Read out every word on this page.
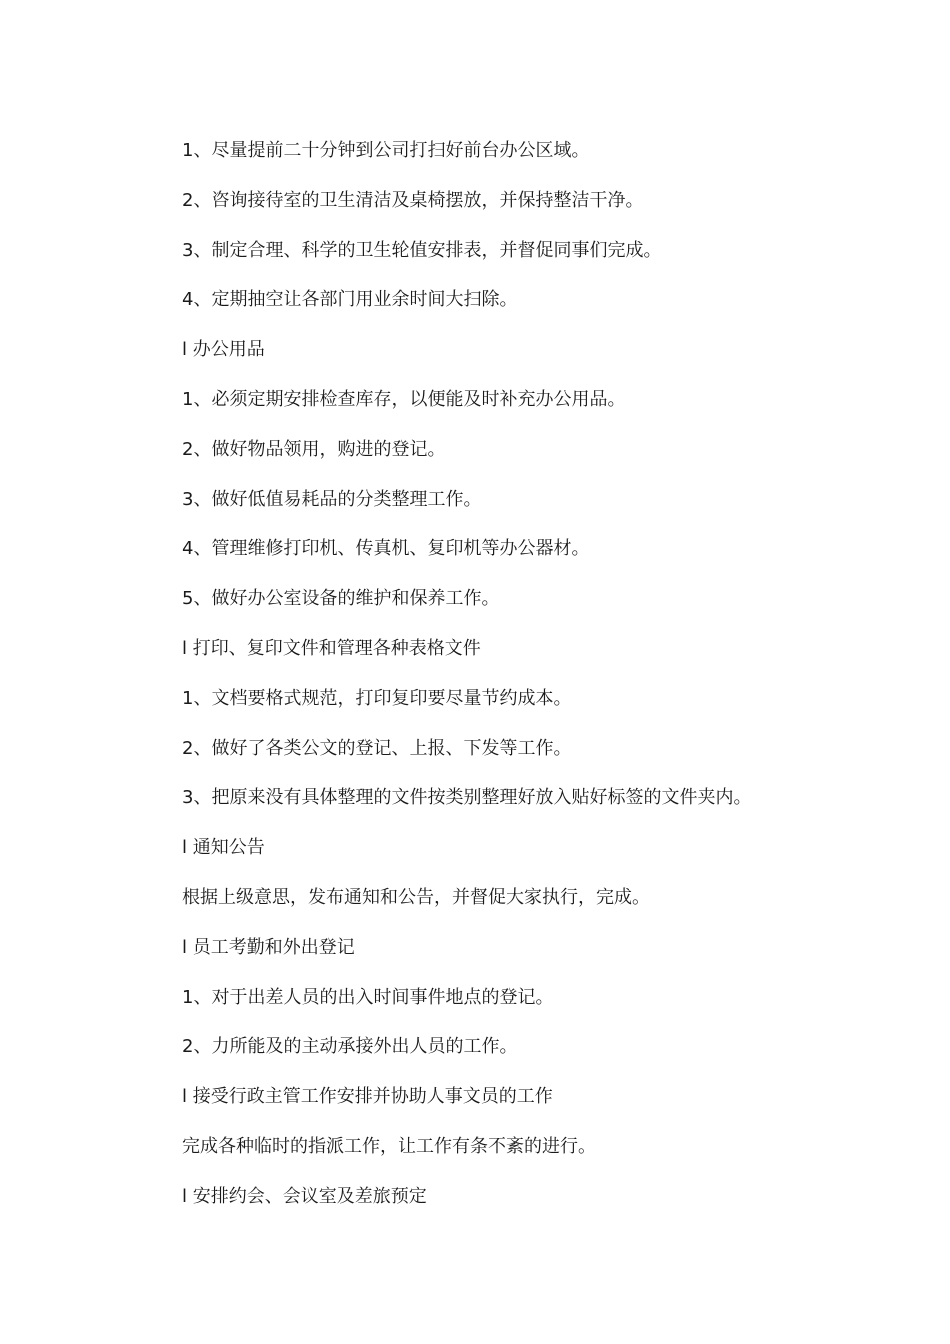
1、尽量提前二十分钟到公司打扫好前台办公区域。
2、咨询接待室的卫生清洁及桌椅摆放，并保持整洁干净。
3、制定合理、科学的卫生轮值安排表，并督促同事们完成。
4、定期抽空让各部门用业余时间大扫除。
l 办公用品
1、必须定期安排检查库存，以便能及时补充办公用品。
2、做好物品领用，购进的登记。
3、做好低值易耗品的分类整理工作。
4、管理维修打印机、传真机、复印机等办公器材。
5、做好办公室设备的维护和保养工作。
l 打印、复印文件和管理各种表格文件
1、文档要格式规范，打印复印要尽量节约成本。
2、做好了各类公文的登记、上报、下发等工作。
3、把原来没有具体整理的文件按类别整理好放入贴好标签的文件夹内。
l 通知公告
根据上级意思，发布通知和公告，并督促大家执行，完成。
l 员工考勤和外出登记
1、对于出差人员的出入时间事件地点的登记。
2、力所能及的主动承接外出人员的工作。
l 接受行政主管工作安排并协助人事文员的工作
完成各种临时的指派工作，让工作有条不紊的进行。
l 安排约会、会议室及差旅预定
